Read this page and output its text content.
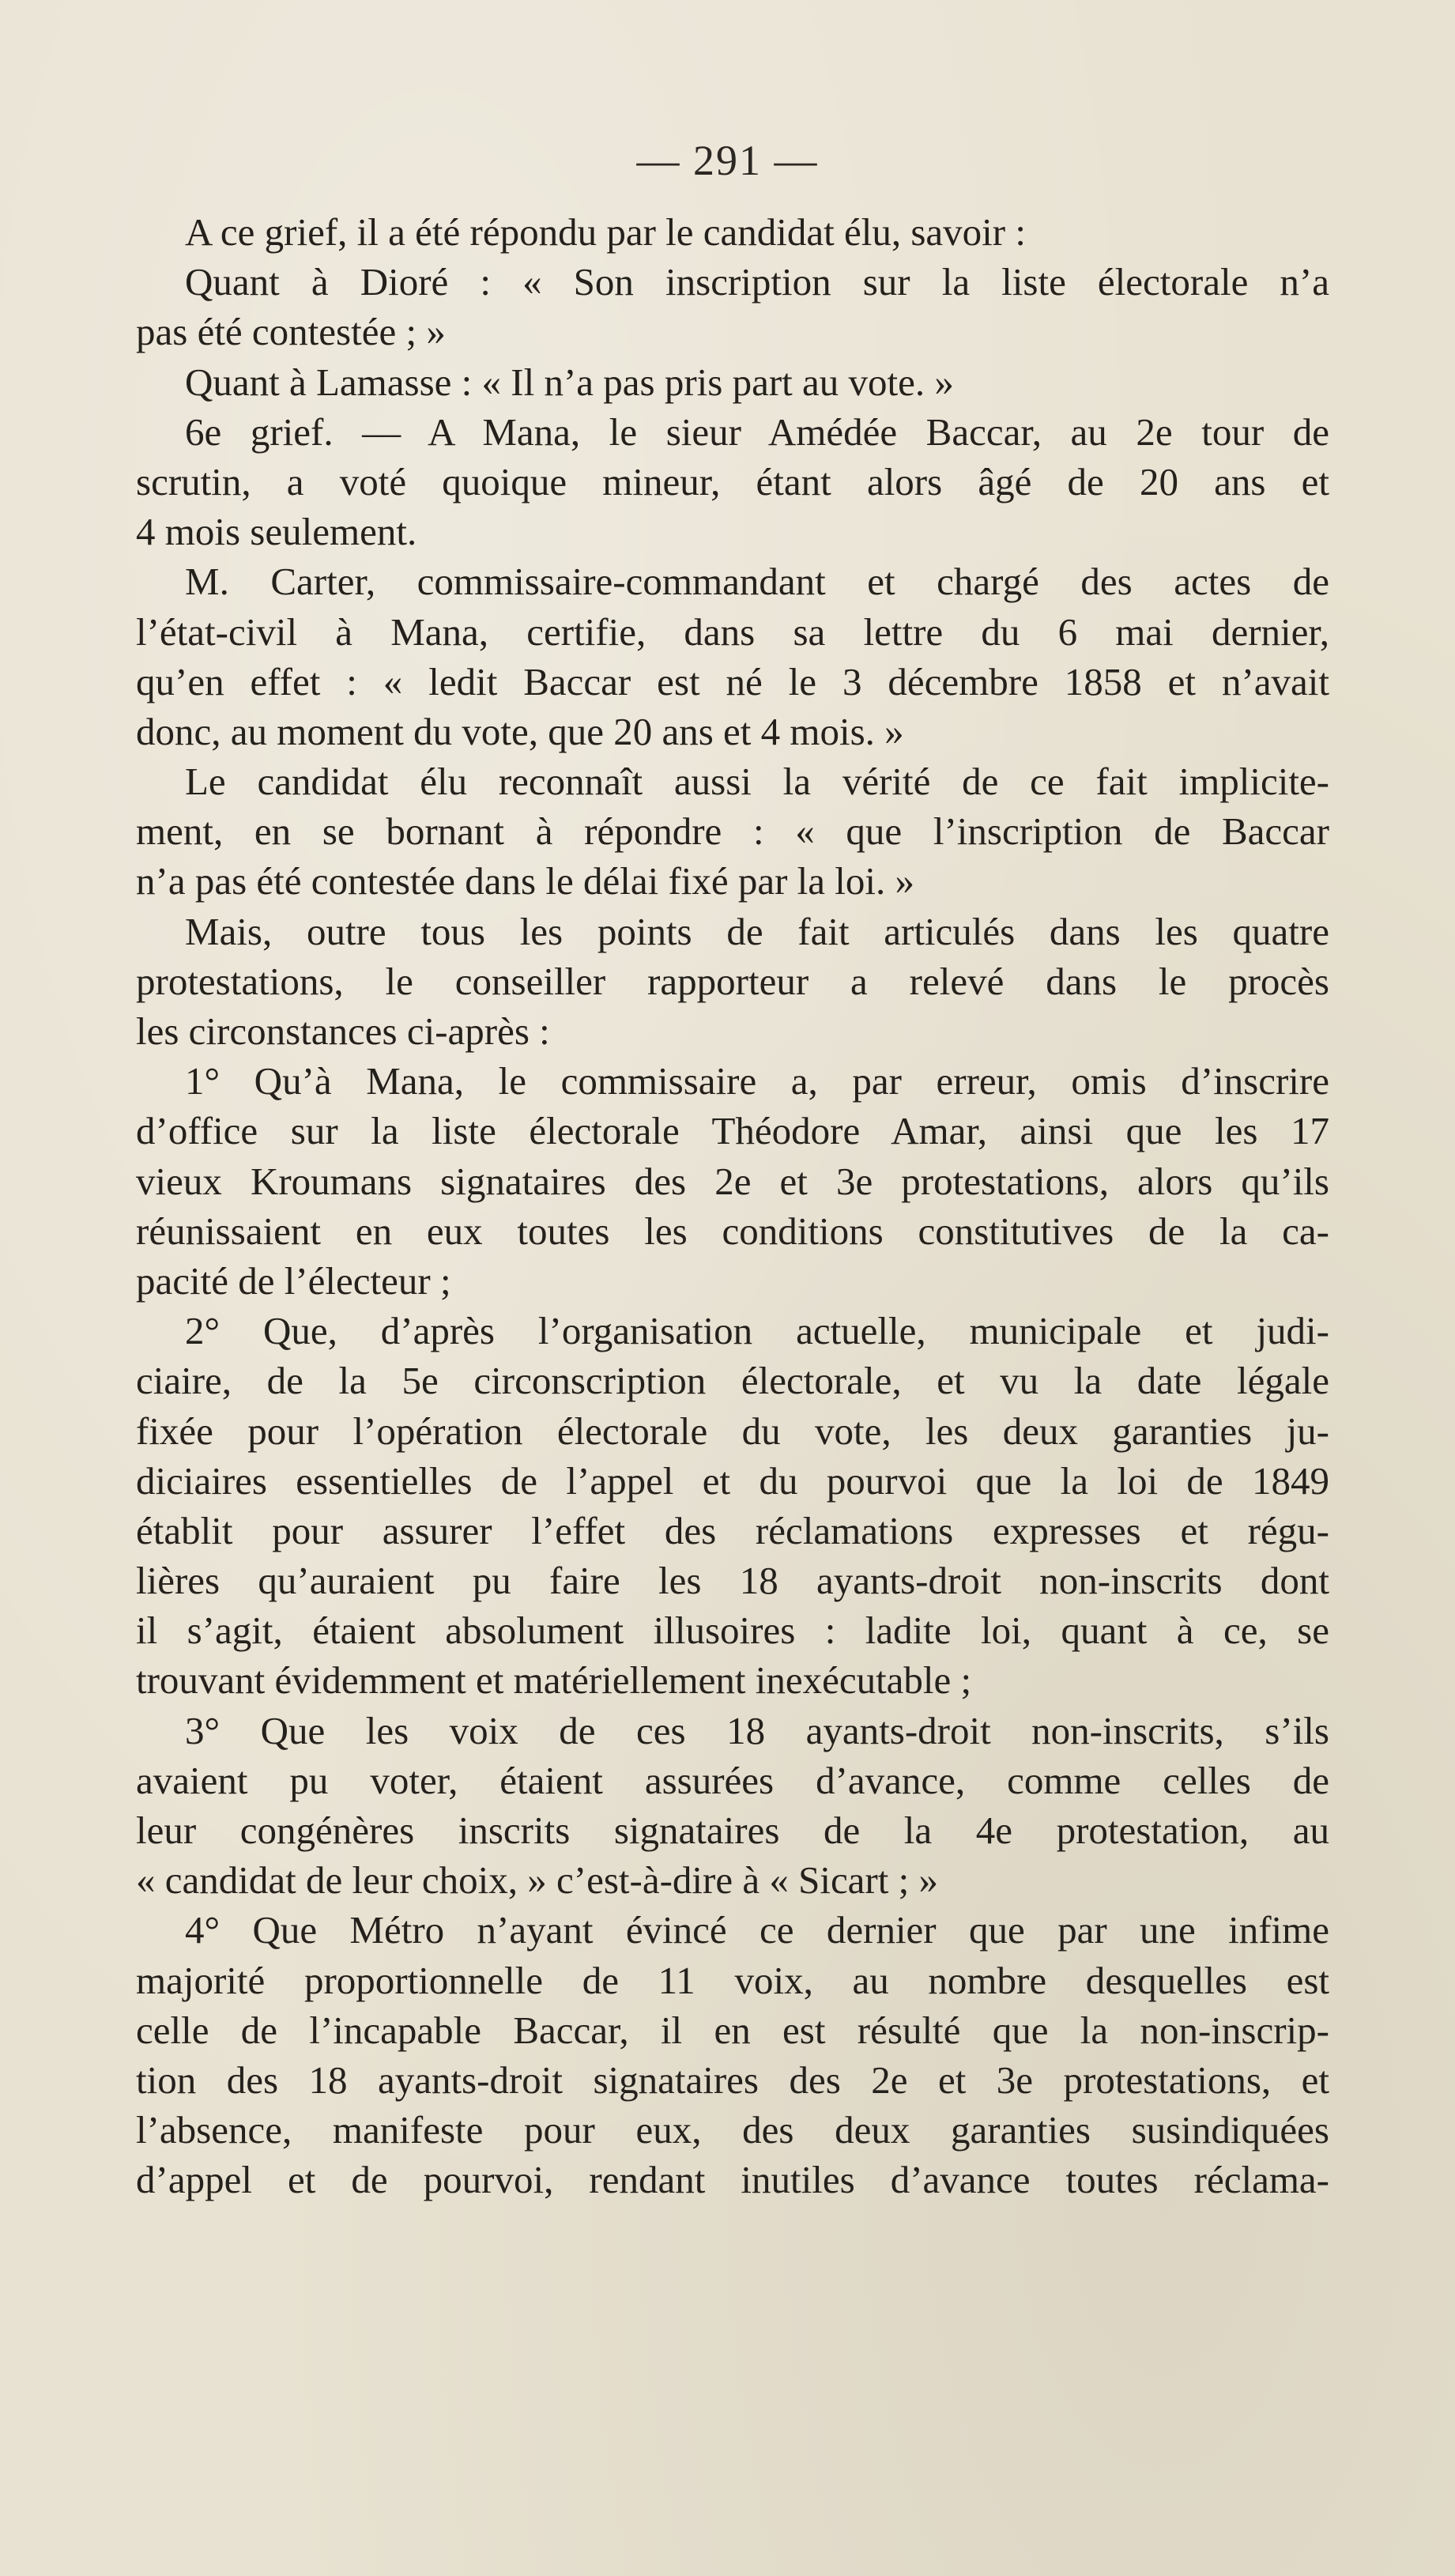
— 291 —
A ce grief, il a été répondu par le candidat élu, savoir :
Quant à Dioré : « Son inscription sur la liste électorale n’a
pas été contestée ; »
Quant à Lamasse : « Il n’a pas pris part au vote. »
6e grief. — A Mana, le sieur Amédée Baccar, au 2e tour de
scrutin, a voté quoique mineur, étant alors âgé de 20 ans et
4 mois seulement.
M. Carter, commissaire-commandant et chargé des actes de
l’état-civil à Mana, certifie, dans sa lettre du 6 mai dernier,
qu’en effet : « ledit Baccar est né le 3 décembre 1858 et n’avait
donc, au moment du vote, que 20 ans et 4 mois. »
Le candidat élu reconnaît aussi la vérité de ce fait implicite-
ment, en se bornant à répondre : « que l’inscription de Baccar
n’a pas été contestée dans le délai fixé par la loi. »
Mais, outre tous les points de fait articulés dans les quatre
protestations, le conseiller rapporteur a relevé dans le procès
les circonstances ci-après :
1° Qu’à Mana, le commissaire a, par erreur, omis d’inscrire
d’office sur la liste électorale Théodore Amar, ainsi que les 17
vieux Kroumans signataires des 2e et 3e protestations, alors qu’ils
réunissaient en eux toutes les conditions constitutives de la ca-
pacité de l’électeur ;
2° Que, d’après l’organisation actuelle, municipale et judi-
ciaire, de la 5e circonscription électorale, et vu la date légale
fixée pour l’opération électorale du vote, les deux garanties ju-
diciaires essentielles de l’appel et du pourvoi que la loi de 1849
établit pour assurer l’effet des réclamations expresses et régu-
lières qu’auraient pu faire les 18 ayants-droit non-inscrits dont
il s’agit, étaient absolument illusoires : ladite loi, quant à ce, se
trouvant évidemment et matériellement inexécutable ;
3° Que les voix de ces 18 ayants-droit non-inscrits, s’ils
avaient pu voter, étaient assurées d’avance, comme celles de
leur congénères inscrits signataires de la 4e protestation, au
« candidat de leur choix, » c’est-à-dire à « Sicart ; »
4° Que Métro n’ayant évincé ce dernier que par une infime
majorité proportionnelle de 11 voix, au nombre desquelles est
celle de l’incapable Baccar, il en est résulté que la non-inscrip-
tion des 18 ayants-droit signataires des 2e et 3e protestations, et
l’absence, manifeste pour eux, des deux garanties susindiquées
d’appel et de pourvoi, rendant inutiles d’avance toutes réclama-
